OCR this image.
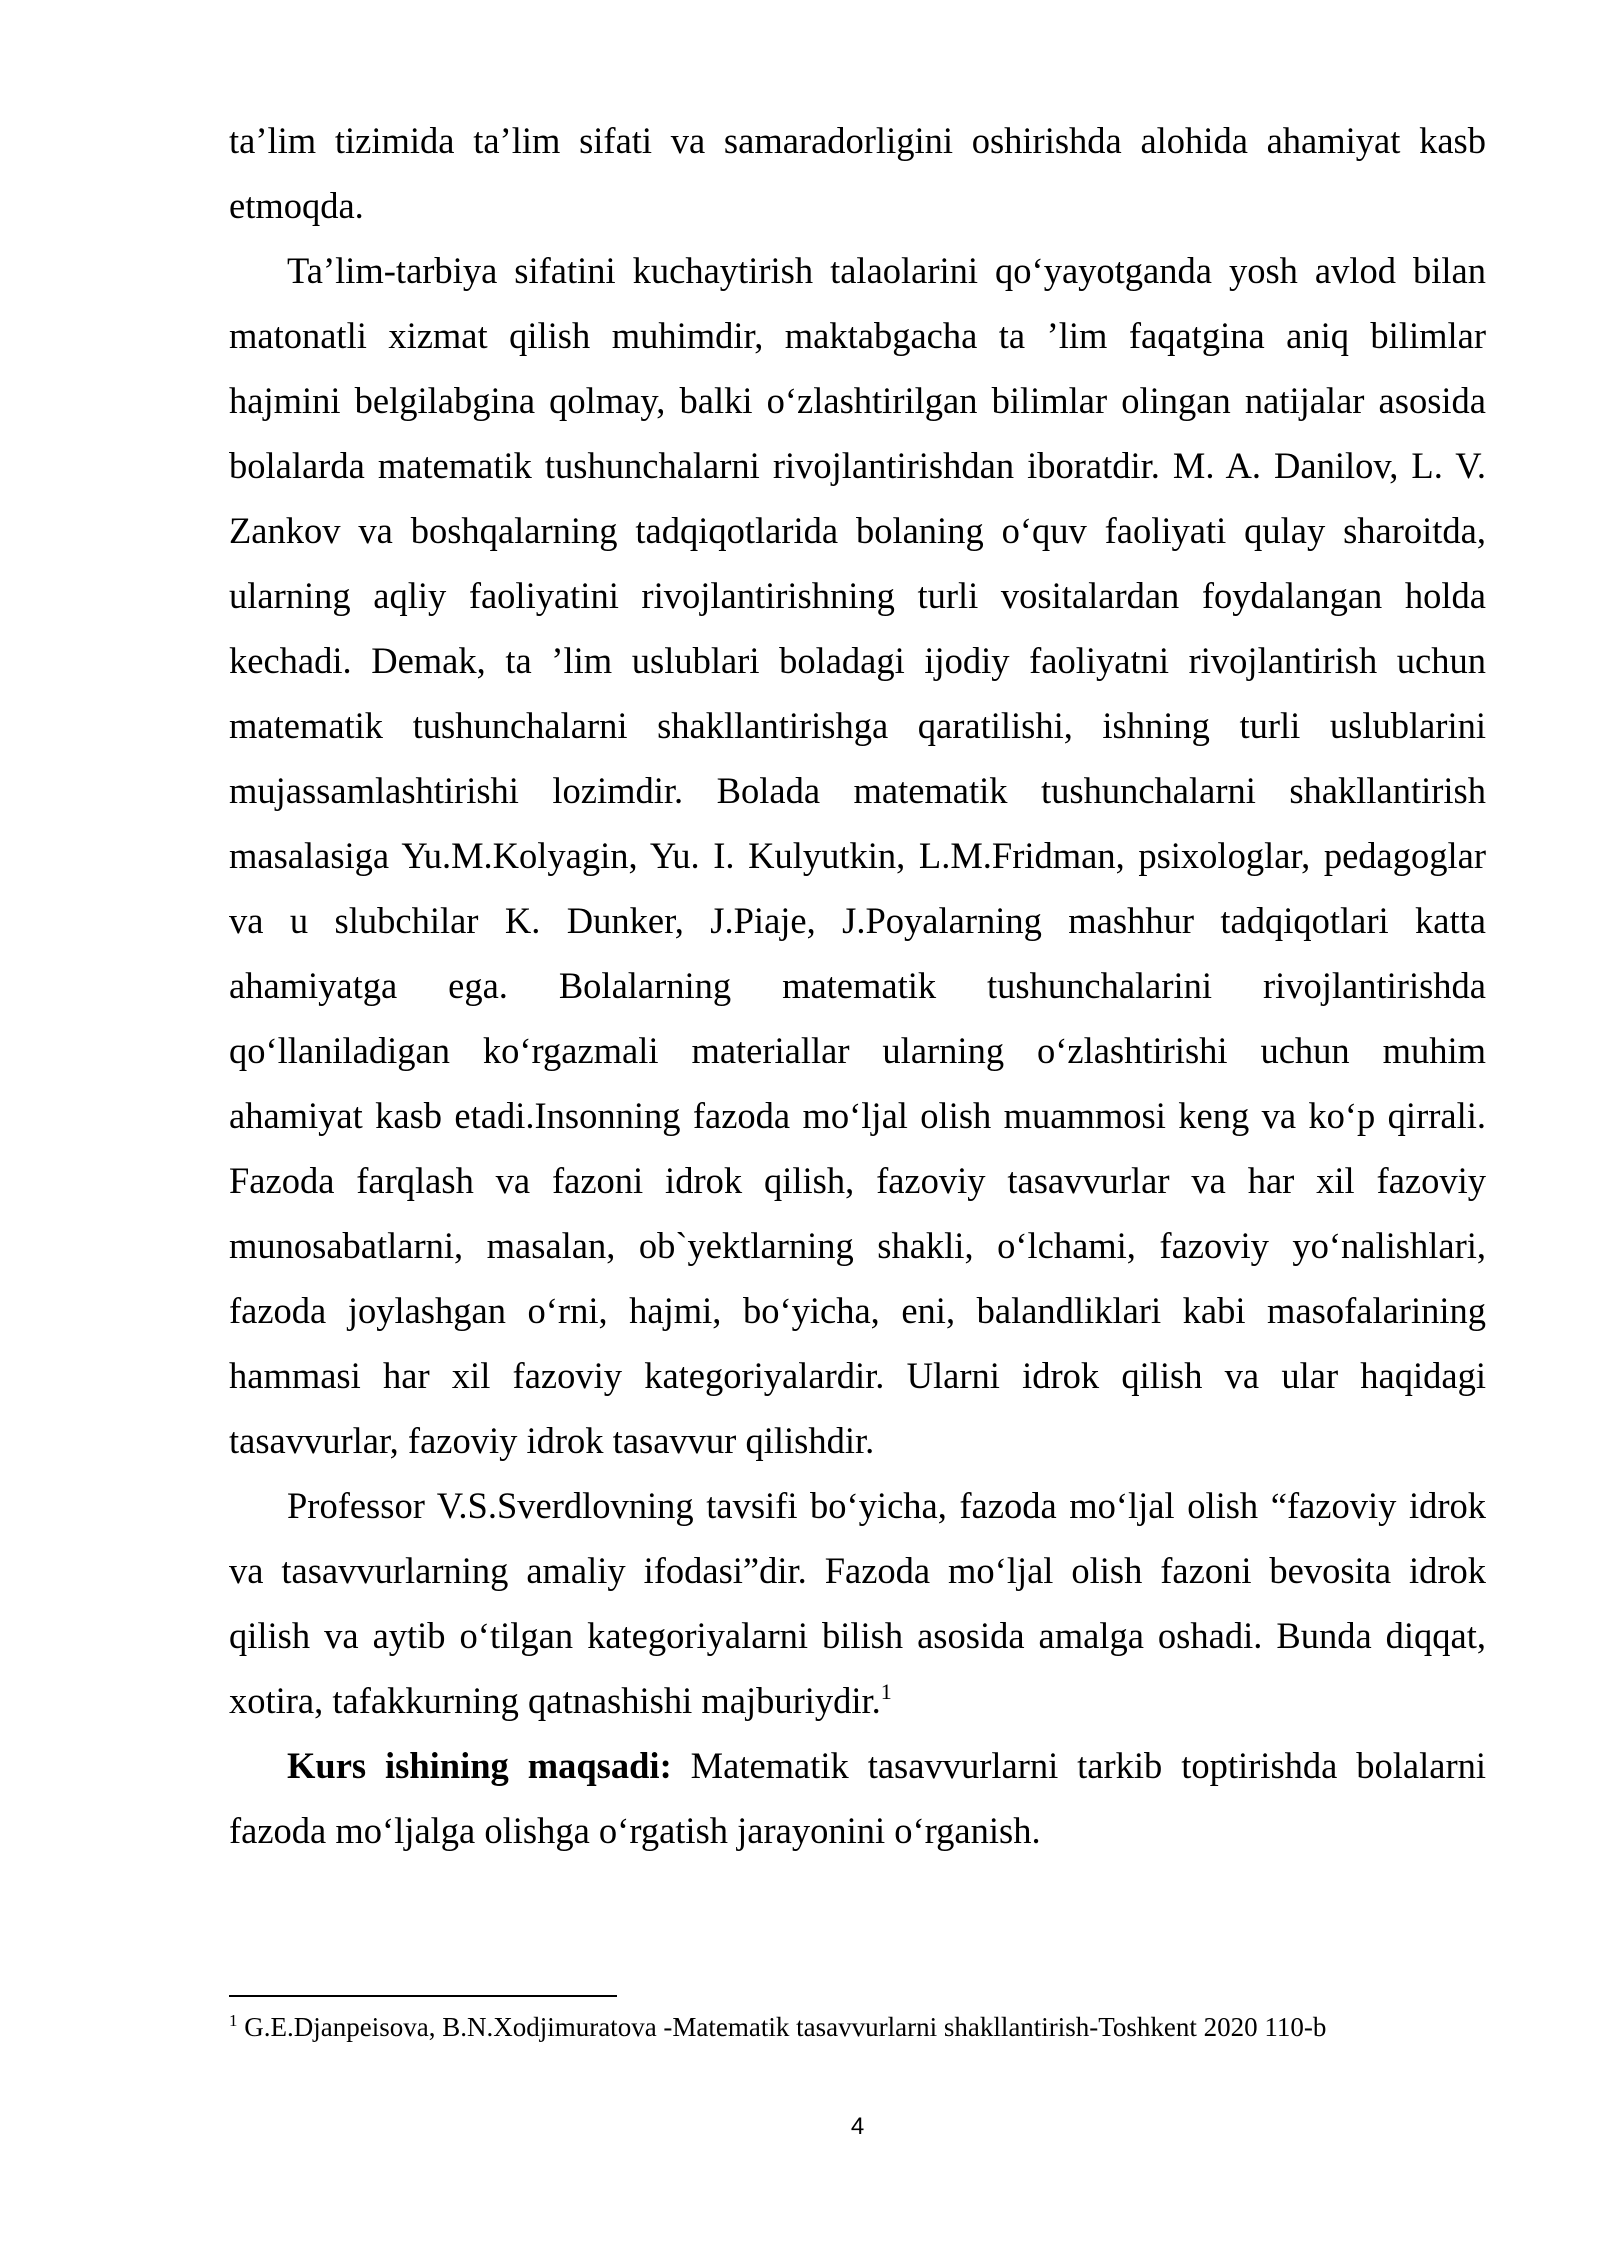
ta’lim tizimida ta’lim sifati va samaradorligini oshirishda alohida ahamiyat kasb etmoqda.

Ta’lim-tarbiya sifatini kuchaytirish talaolarini qo‘yayotganda yosh avlod bilan matonatli xizmat qilish muhimdir, maktabgacha ta ’lim faqatgina aniq bilimlar hajmini belgilabgina qolmay, balki o‘zlashtirilgan bilimlar olingan natijalar asosida bolalarda matematik tushunchalarni rivojlantirishdan iboratdir. M. A. Danilov, L. V. Zankov va boshqalarning tadqiqotlarida bolaning o‘quv faoliyati qulay sharoitda, ularning aqliy faoliyatini rivojlantirishning turli vositalardan foydalangan holda kechadi. Demak, ta ’lim uslublari boladagi ijodiy faoliyatni rivojlantirish uchun matematik tushunchalarni shakllantirishga qaratilishi, ishning turli uslublarini mujassamlashtirishi lozimdir. Bolada matematik tushunchalarni shakllantirish masalasiga Yu.M.Kolyagin, Yu. I. Kulyutkin, L.M.Fridman, psixologlar, pedagoglar va u slubchilar K. Dunker, J.Piaje, J.Poyalarning mashhur tadqiqotlari katta ahamiyatga ega. Bolalarning matematik tushunchalarini rivojlantirishda qo‘llaniladigan ko‘rgazmali materiallar ularning o‘zlashtirishi uchun muhim ahamiyat kasb etadi.Insonning fazoda mo‘ljal olish muammosi keng va ko‘p qirrali. Fazoda farqlash va fazoni idrok qilish, fazoviy tasavvurlar va har xil fazoviy munosabatlarni, masalan, ob`yektlarning shakli, o‘lchami, fazoviy yo‘nalishlari, fazoda joylashgan o‘rni, hajmi, bo‘yicha, eni, balandliklari kabi masofalarining hammasi har xil fazoviy kategoriyalardir. Ularni idrok qilish va ular haqidagi tasavvurlar, fazoviy idrok tasavvur qilishdir.

Professor V.S.Sverdlovning tavsifi bo‘yicha, fazoda mo‘ljal olish “fazoviy idrok va tasavvurlarning amaliy ifodasi”dir. Fazoda mo‘ljal olish fazoni bevosita idrok qilish va aytib o‘tilgan kategoriyalarni bilish asosida amalga oshadi. Bunda diqqat, xotira, tafakkurning qatnashishi majburiydir.$^1$

Kurs ishining maqsadi: Matematik tasavvurlarni tarkib toptirishda bolalarni fazoda mo‘ljalga olishga o‘rgatish jarayonini o‘rganish.

$^1$ G.E.Djanpeisova, B.N.Xodjimuratova -Matematik tasavvurlarni shakllantirish-Toshkent 2020 110-b
4
